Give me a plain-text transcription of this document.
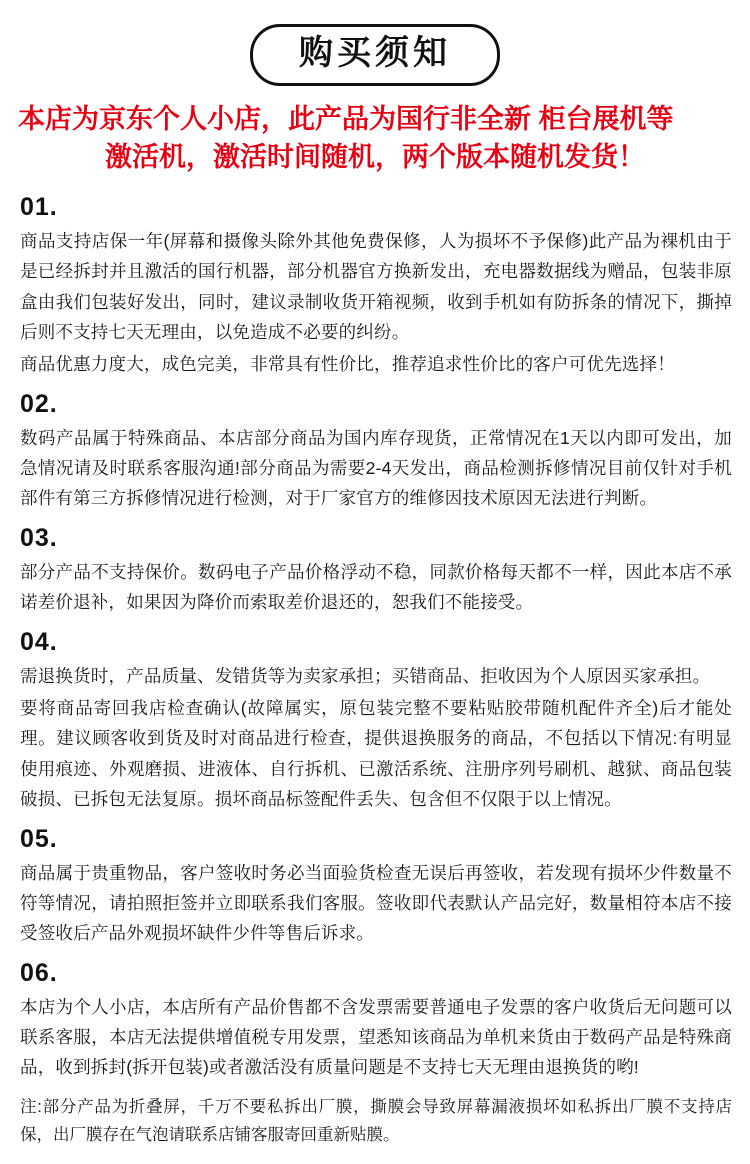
购买须知
本店为京东个人小店，此产品为国行非全新 柜台展机等
激活机，激活时间随机，两个版本随机发货！
01.

商品支持店保一年(屏幕和摄像头除外其他免费保修，人为损坏不予保修)此产品为裸机由于是已经拆封并且激活的国行机器，部分机器官方换新发出，充电器数据线为赠品，包装非原盒由我们包装好发出，同时，建议录制收货开箱视频，收到手机如有防拆条的情况下，撕掉后则不支持七天无理由，以免造成不必要的纠纷。

商品优惠力度大，成色完美，非常具有性价比，推荐追求性价比的客户可优先选择！

02.

数码产品属于特殊商品、本店部分商品为国内库存现货，正常情况在1天以内即可发出，加急情况请及时联系客服沟通!部分商品为需要2-4天发出，商品检测拆修情况目前仅针对手机部件有第三方拆修情况进行检测，对于厂家官方的维修因技术原因无法进行判断。

03.

部分产品不支持保价。数码电子产品价格浮动不稳，同款价格每天都不一样，因此本店不承诺差价退补，如果因为降价而索取差价退还的，恕我们不能接受。

04.

需退换货时，产品质量、发错货等为卖家承担；买错商品、拒收因为个人原因买家承担。

要将商品寄回我店检查确认(故障属实，原包装完整不要粘贴胶带随机配件齐全)后才能处理。建议顾客收到货及时对商品进行检查，提供退换服务的商品，不包括以下情况:有明显使用痕迹、外观磨损、进液体、自行拆机、已激活系统、注册序列号刷机、越狱、商品包装破损、已拆包无法复原。损坏商品标签配件丢失、包含但不仅限于以上情况。

05.

商品属于贵重物品，客户签收时务必当面验货检查无误后再签收，若发现有损坏少件数量不符等情况，请拍照拒签并立即联系我们客服。签收即代表默认产品完好，数量相符本店不接受签收后产品外观损坏缺件少件等售后诉求。

06.

本店为个人小店，本店所有产品价售都不含发票需要普通电子发票的客户收货后无问题可以联系客服，本店无法提供增值税专用发票，望悉知该商品为单机来货由于数码产品是特殊商品，收到拆封(拆开包装)或者激活没有质量问题是不支持七天无理由退换货的哟!

注:部分产品为折叠屏，千万不要私拆出厂膜，撕膜会导致屏幕漏液损坏如私拆出厂膜不支持店保，出厂膜存在气泡请联系店铺客服寄回重新贴膜。
